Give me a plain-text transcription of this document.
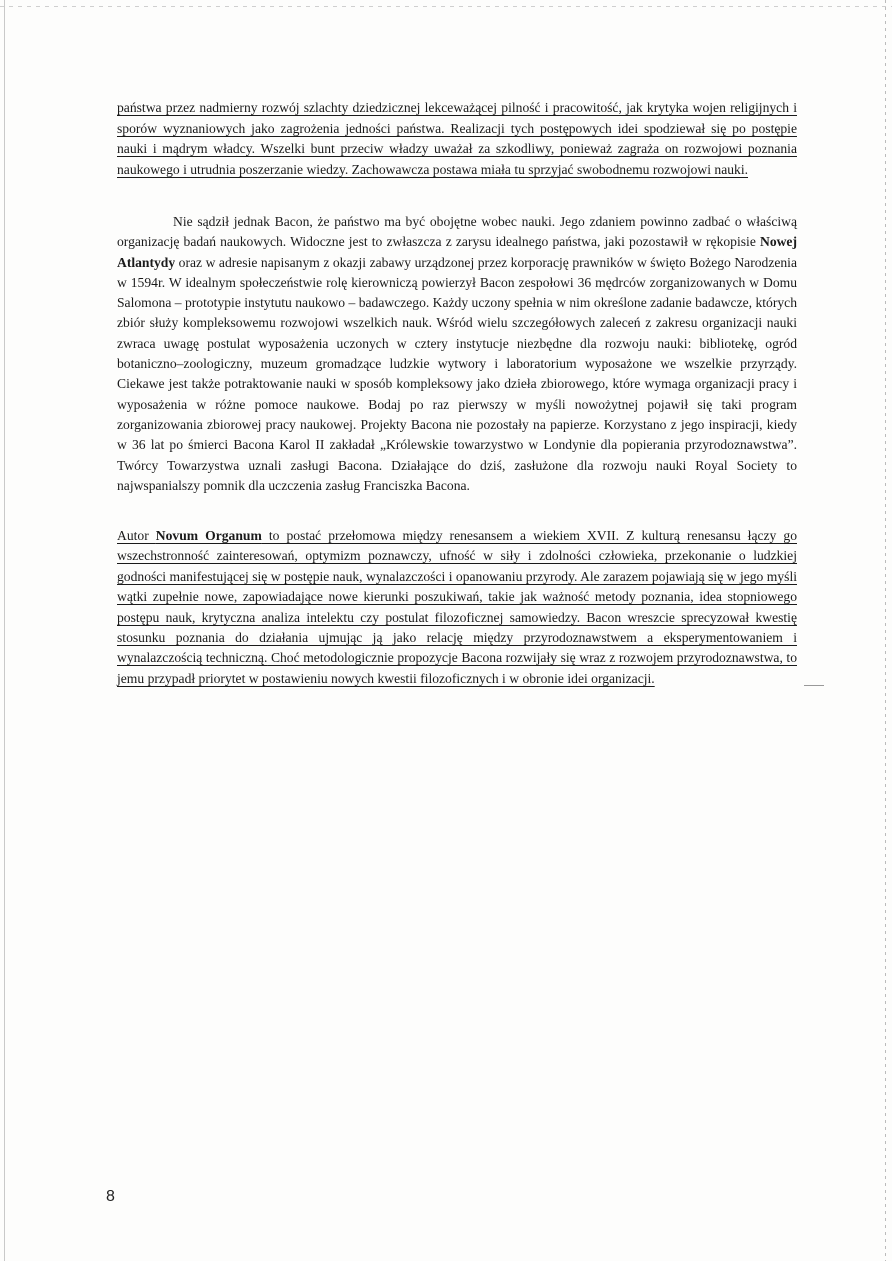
państwa przez nadmierny rozwój szlachty dziedzicznej lekceważącej pilność i pracowitość, jak krytyka wojen religijnych i sporów wyznaniowych jako zagrożenia jedności państwa. Realizacji tych postępowych idei spodziewał się po postępie nauki i mądrym władcy. Wszelki bunt przeciw władzy uważał za szkodliwy, ponieważ zagraża on rozwojowi poznania naukowego i utrudnia poszerzanie wiedzy. Zachowawcza postawa miała tu sprzyjać swobodnemu rozwojowi nauki.

Nie sądził jednak Bacon, że państwo ma być obojętne wobec nauki. Jego zdaniem powinno zadbać o właściwą organizację badań naukowych. Widoczne jest to zwłaszcza z zarysu idealnego państwa, jaki pozostawił w rękopisie Nowej Atlantydy oraz w adresie napisanym z okazji zabawy urządzonej przez korporację prawników w święto Bożego Narodzenia w 1594r. W idealnym społeczeństwie rolę kierowniczą powierzył Bacon zespołowi 36 mędrców zorganizowanych w Domu Salomona – prototypie instytutu naukowo – badawczego. Każdy uczony spełnia w nim określone zadanie badawcze, których zbiór służy kompleksowemu rozwojowi wszelkich nauk. Wśród wielu szczegółowych zaleceń z zakresu organizacji nauki zwraca uwagę postulat wyposażenia uczonych w cztery instytucje niezbędne dla rozwoju nauki: bibliotekę, ogród botaniczno–zoologiczny, muzeum gromadzące ludzkie wytwory i laboratorium wyposażone we wszelkie przyrządy. Ciekawe jest także potraktowanie nauki w sposób kompleksowy jako dzieła zbiorowego, które wymaga organizacji pracy i wyposażenia w różne pomoce naukowe. Bodaj po raz pierwszy w myśli nowożytnej pojawił się taki program zorganizowania zbiorowej pracy naukowej. Projekty Bacona nie pozostały na papierze. Korzystano z jego inspiracji, kiedy w 36 lat po śmierci Bacona Karol II zakładał „Królewskie towarzystwo w Londynie dla popierania przyrodoznawstwa”. Twórcy Towarzystwa uznali zasługi Bacona. Działające do dziś, zasłużone dla rozwoju nauki Royal Society to najwspanialszy pomnik dla uczczenia zasług Franciszka Bacona.

Autor Novum Organum to postać przełomowa między renesansem a wiekiem XVII. Z kulturą renesansu łączy go wszechstronność zainteresowań, optymizm poznawczy, ufność w siły i zdolności człowieka, przekonanie o ludzkiej godności manifestującej się w postępie nauk, wynalazczości i opanowaniu przyrody. Ale zarazem pojawiają się w jego myśli wątki zupełnie nowe, zapowiadające nowe kierunki poszukiwań, takie jak ważność metody poznania, idea stopniowego postępu nauk, krytyczna analiza intelektu czy postulat filozoficznej samowiedzy. Bacon wreszcie sprecyzował kwestię stosunku poznania do działania ujmując ją jako relację między przyrodoznawstwem a eksperymentowaniem i wynalazczością techniczną. Choć metodologicznie propozycje Bacona rozwijały się wraz z rozwojem przyrodoznawstwa, to jemu przypadł priorytet w postawieniu nowych kwestii filozoficznych i w obronie idei organizacji.

8
